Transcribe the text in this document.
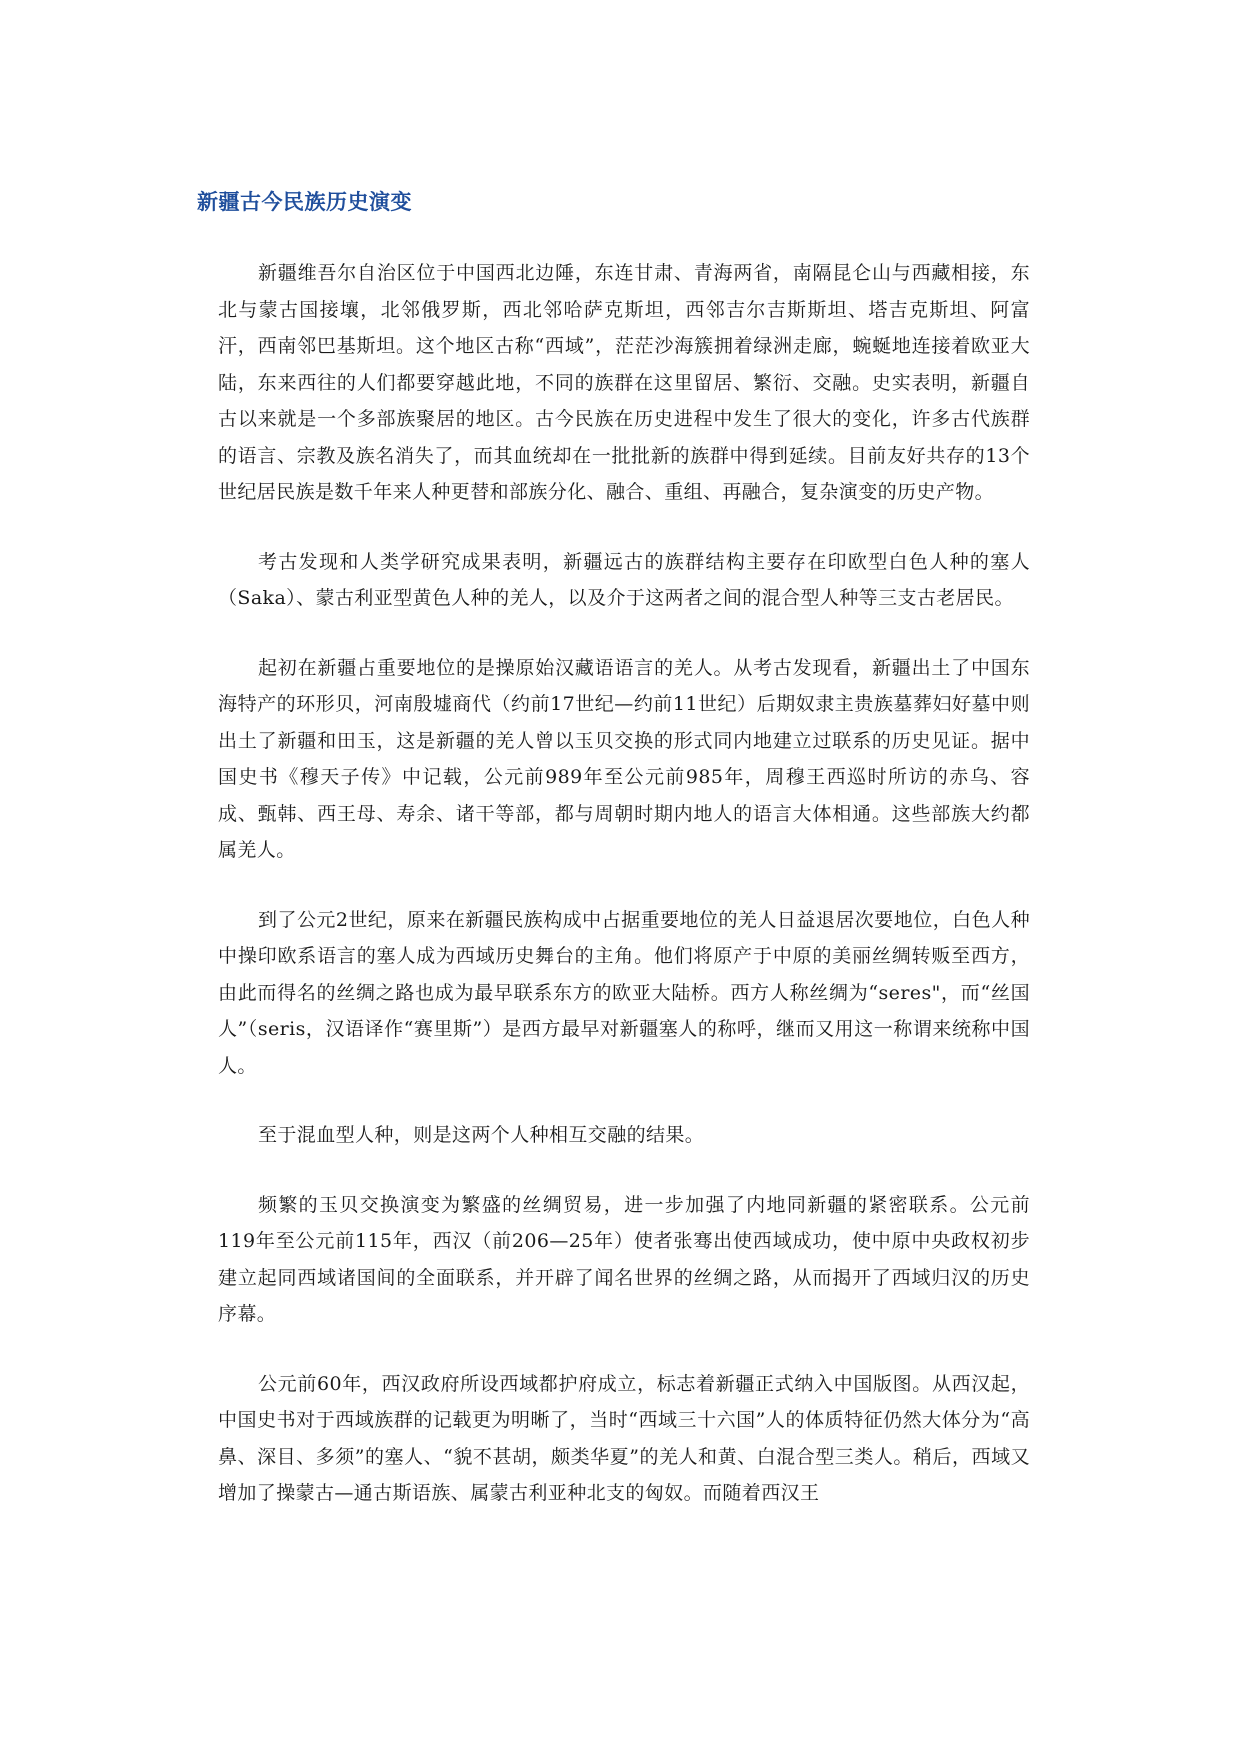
新疆古今民族历史演变

新疆维吾尔自治区位于中国西北边陲，东连甘肃、青海两省，南隔昆仑山与西藏相接，东北与蒙古国接壤，北邻俄罗斯，西北邻哈萨克斯坦，西邻吉尔吉斯斯坦、塔吉克斯坦、阿富汗，西南邻巴基斯坦。这个地区古称“西域”，茫茫沙海簇拥着绿洲走廊，蜿蜒地连接着欧亚大陆，东来西往的人们都要穿越此地，不同的族群在这里留居、繁衍、交融。史实表明，新疆自古以来就是一个多部族聚居的地区。古今民族在历史进程中发生了很大的变化，许多古代族群的语言、宗教及族名消失了，而其血统却在一批批新的族群中得到延续。目前友好共存的13个世纪居民族是数千年来人种更替和部族分化、融合、重组、再融合，复杂演变的历史产物。

考古发现和人类学研究成果表明，新疆远古的族群结构主要存在印欧型白色人种的塞人（Saka）、蒙古利亚型黄色人种的羌人，以及介于这两者之间的混合型人种等三支古老居民。

起初在新疆占重要地位的是操原始汉藏语语言的羌人。从考古发现看，新疆出土了中国东海特产的环形贝，河南殷墟商代（约前17世纪—约前11世纪）后期奴隶主贵族墓葬妇好墓中则出土了新疆和田玉，这是新疆的羌人曾以玉贝交换的形式同内地建立过联系的历史见证。据中国史书《穆天子传》中记载，公元前989年至公元前985年，周穆王西巡时所访的赤乌、容成、甄韩、西王母、寿余、诸干等部，都与周朝时期内地人的语言大体相通。这些部族大约都属羌人。

到了公元2世纪，原来在新疆民族构成中占据重要地位的羌人日益退居次要地位，白色人种中操印欧系语言的塞人成为西域历史舞台的主角。他们将原产于中原的美丽丝绸转贩至西方，由此而得名的丝绸之路也成为最早联系东方的欧亚大陆桥。西方人称丝绸为“seres"，而“丝国人”（seris，汉语译作“赛里斯”）是西方最早对新疆塞人的称呼，继而又用这一称谓来统称中国人。

至于混血型人种，则是这两个人种相互交融的结果。

频繁的玉贝交换演变为繁盛的丝绸贸易，进一步加强了内地同新疆的紧密联系。公元前119年至公元前115年，西汉（前206—25年）使者张骞出使西域成功，使中原中央政权初步建立起同西域诸国间的全面联系，并开辟了闻名世界的丝绸之路，从而揭开了西域归汉的历史序幕。

公元前60年，西汉政府所设西域都护府成立，标志着新疆正式纳入中国版图。从西汉起，中国史书对于西域族群的记载更为明晰了，当时“西域三十六国”人的体质特征仍然大体分为“高鼻、深目、多须”的塞人、“貌不甚胡，颇类华夏”的羌人和黄、白混合型三类人。稍后，西域又增加了操蒙古—通古斯语族、属蒙古利亚种北支的匈奴。而随着西汉王
